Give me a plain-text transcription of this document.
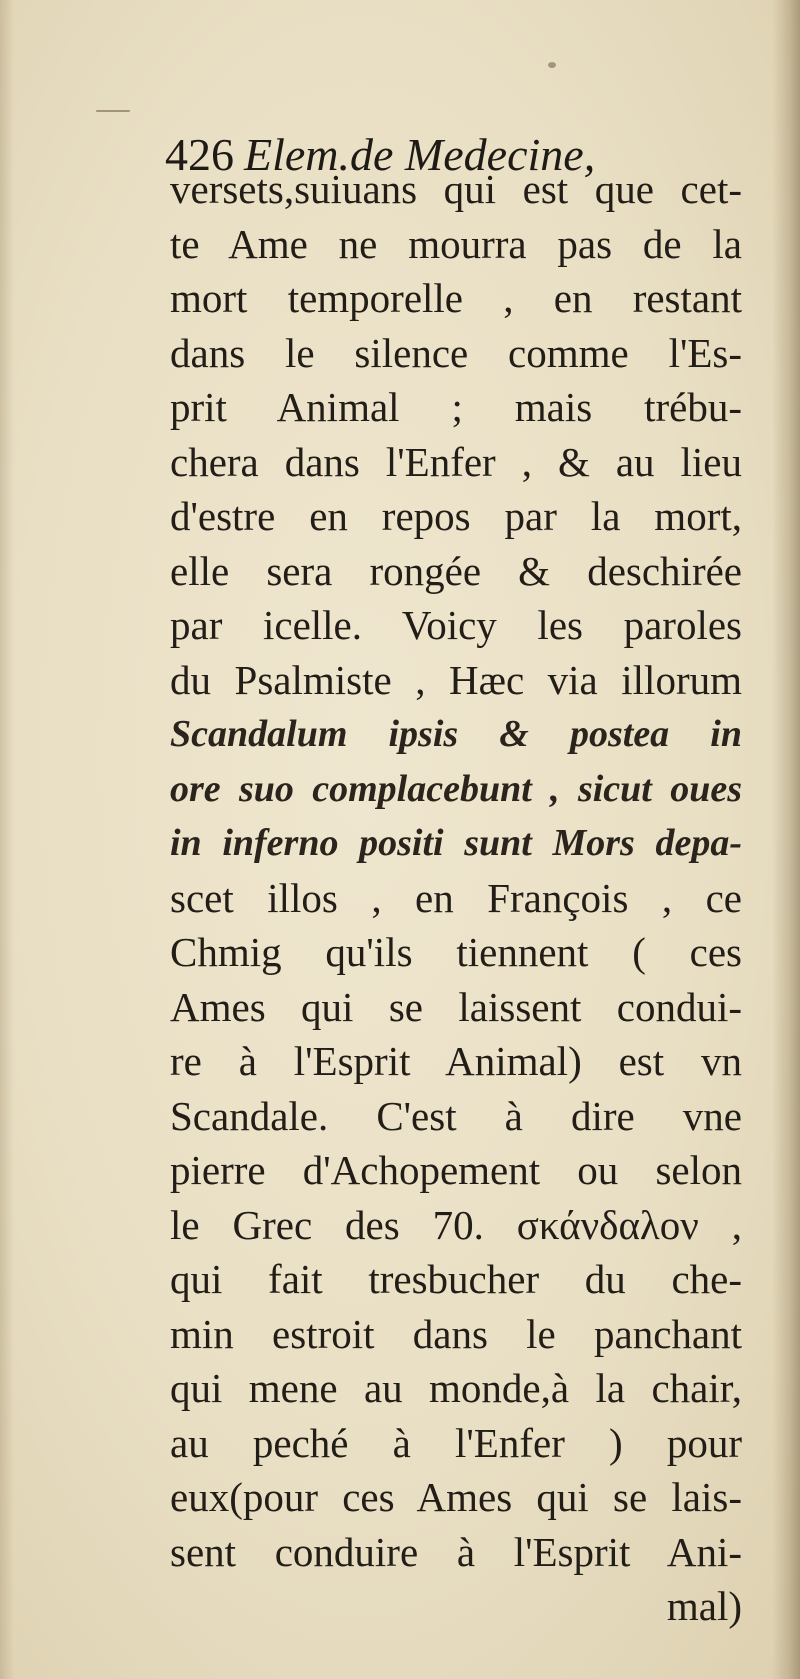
426 Elem.de Medecine,
versets,suiuans qui est que cet-
te Ame ne mourra pas de la
mort temporelle , en restant
dans le silence comme l'Es-
prit Animal ; mais trébu-
chera dans l'Enfer , & au lieu
d'estre en repos par la mort,
elle sera rongée & deschirée
par icelle. Voicy les paroles
du Psalmiste , Hæc via illorum
Scandalum ipsis & postea in
ore suo complacebunt , sicut oues
in inferno positi sunt Mors depa-
scet illos , en François , ce
Chmig qu'ils tiennent ( ces
Ames qui se laissent condui-
re à l'Esprit Animal) est vn
Scandale. C'est à dire vne
pierre d'Achopement ou selon
le Grec des 70. σκάνδαλον ,
qui fait tresbucher du che-
min estroit dans le panchant
qui mene au monde,à la chair,
au peché à l'Enfer ) pour
eux(pour ces Ames qui se lais-
sent conduire à l'Esprit Ani-
mal)
